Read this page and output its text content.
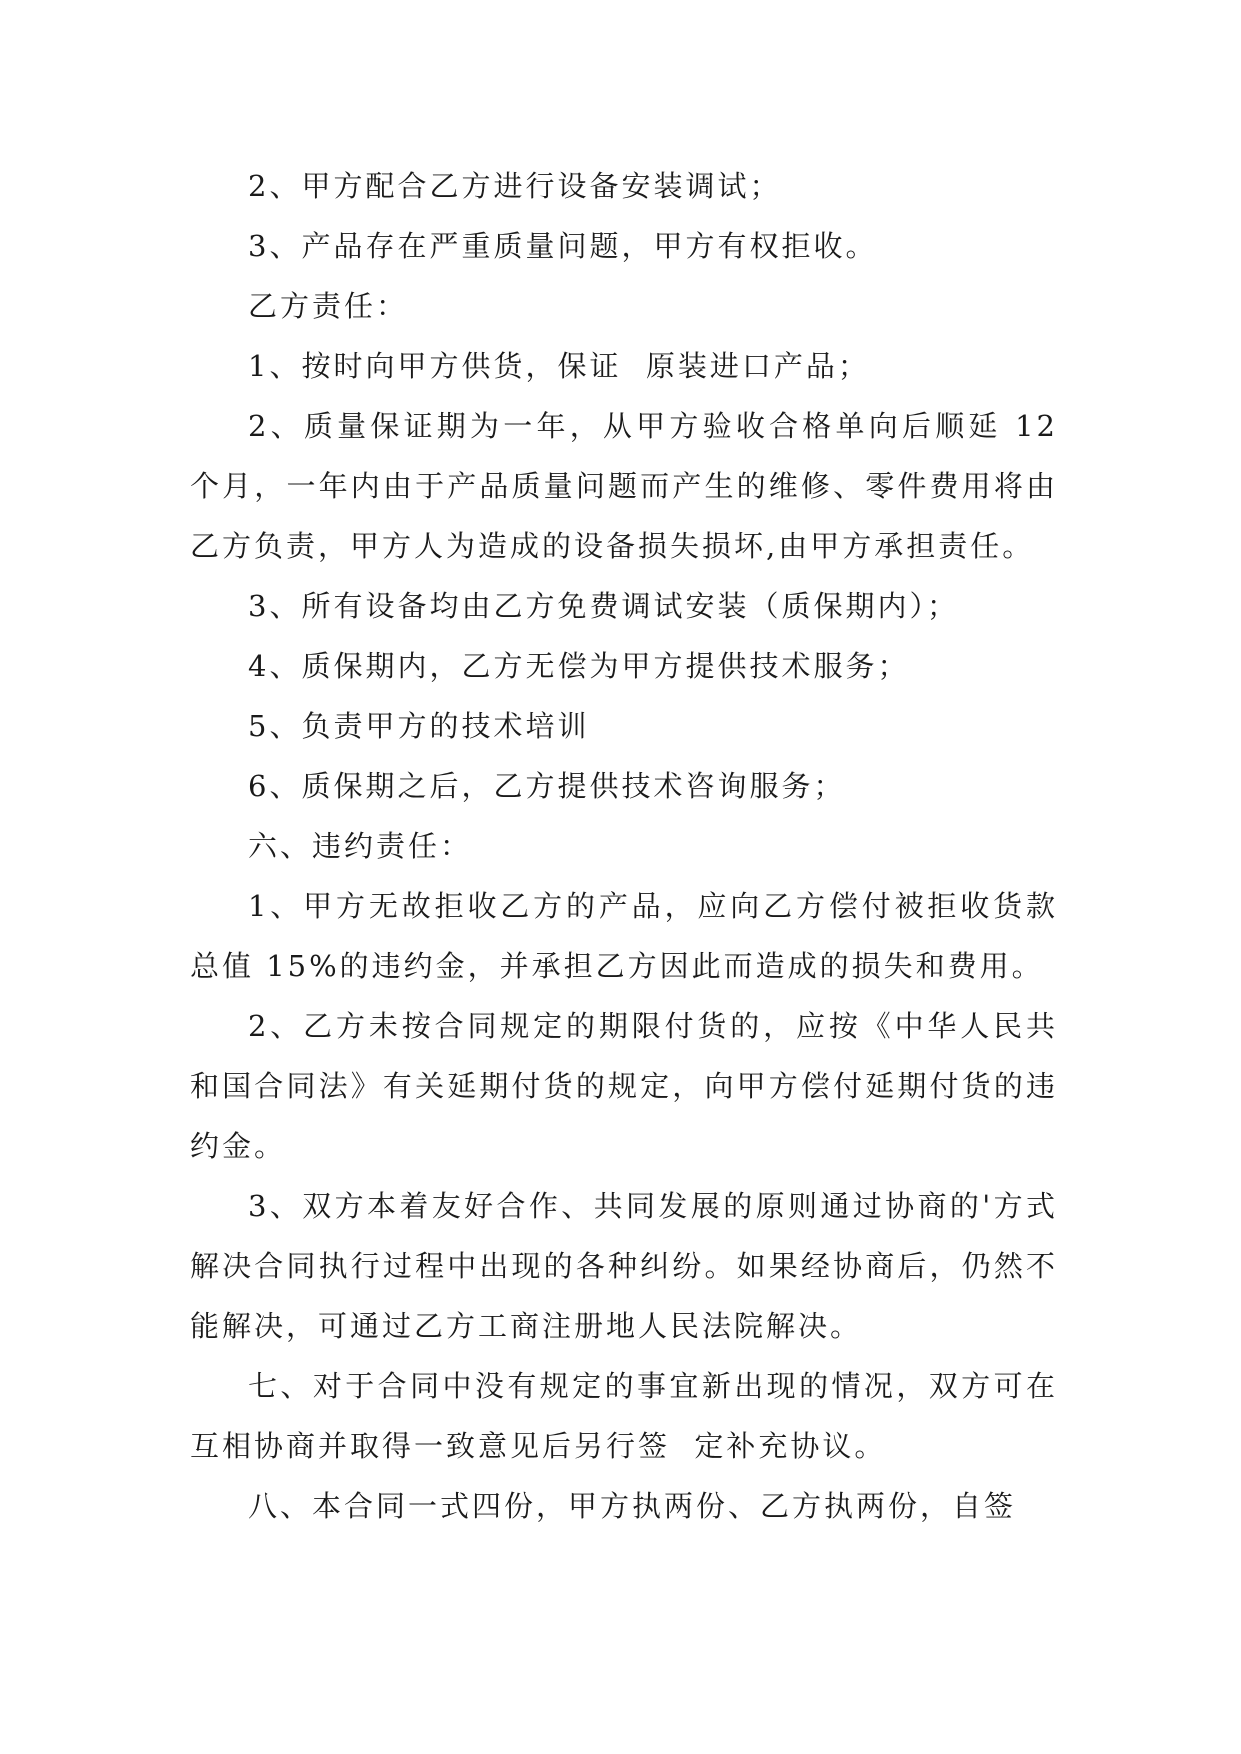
2、甲方配合乙方进行设备安装调试；

3、产品存在严重质量问题，甲方有权拒收。

乙方责任：

1、按时向甲方供货，保证  原装进口产品；

2、质量保证期为一年，从甲方验收合格单向后顺延 12 个月，一年内由于产品质量问题而产生的维修、零件费用将由乙方负责，甲方人为造成的设备损失损坏,由甲方承担责任。

3、所有设备均由乙方免费调试安装（质保期内）；

4、质保期内，乙方无偿为甲方提供技术服务；

5、负责甲方的技术培训

6、质保期之后，乙方提供技术咨询服务；

六、违约责任：

1、甲方无故拒收乙方的产品，应向乙方偿付被拒收货款总值 15%的违约金，并承担乙方因此而造成的损失和费用。

2、乙方未按合同规定的期限付货的，应按《中华人民共和国合同法》有关延期付货的规定，向甲方偿付延期付货的违约金。

3、双方本着友好合作、共同发展的原则通过协商的'方式解决合同执行过程中出现的各种纠纷。如果经协商后，仍然不能解决，可通过乙方工商注册地人民法院解决。

七、对于合同中没有规定的事宜新出现的情况，双方可在互相协商并取得一致意见后另行签  定补充协议。

八、本合同一式四份，甲方执两份、乙方执两份，自签
